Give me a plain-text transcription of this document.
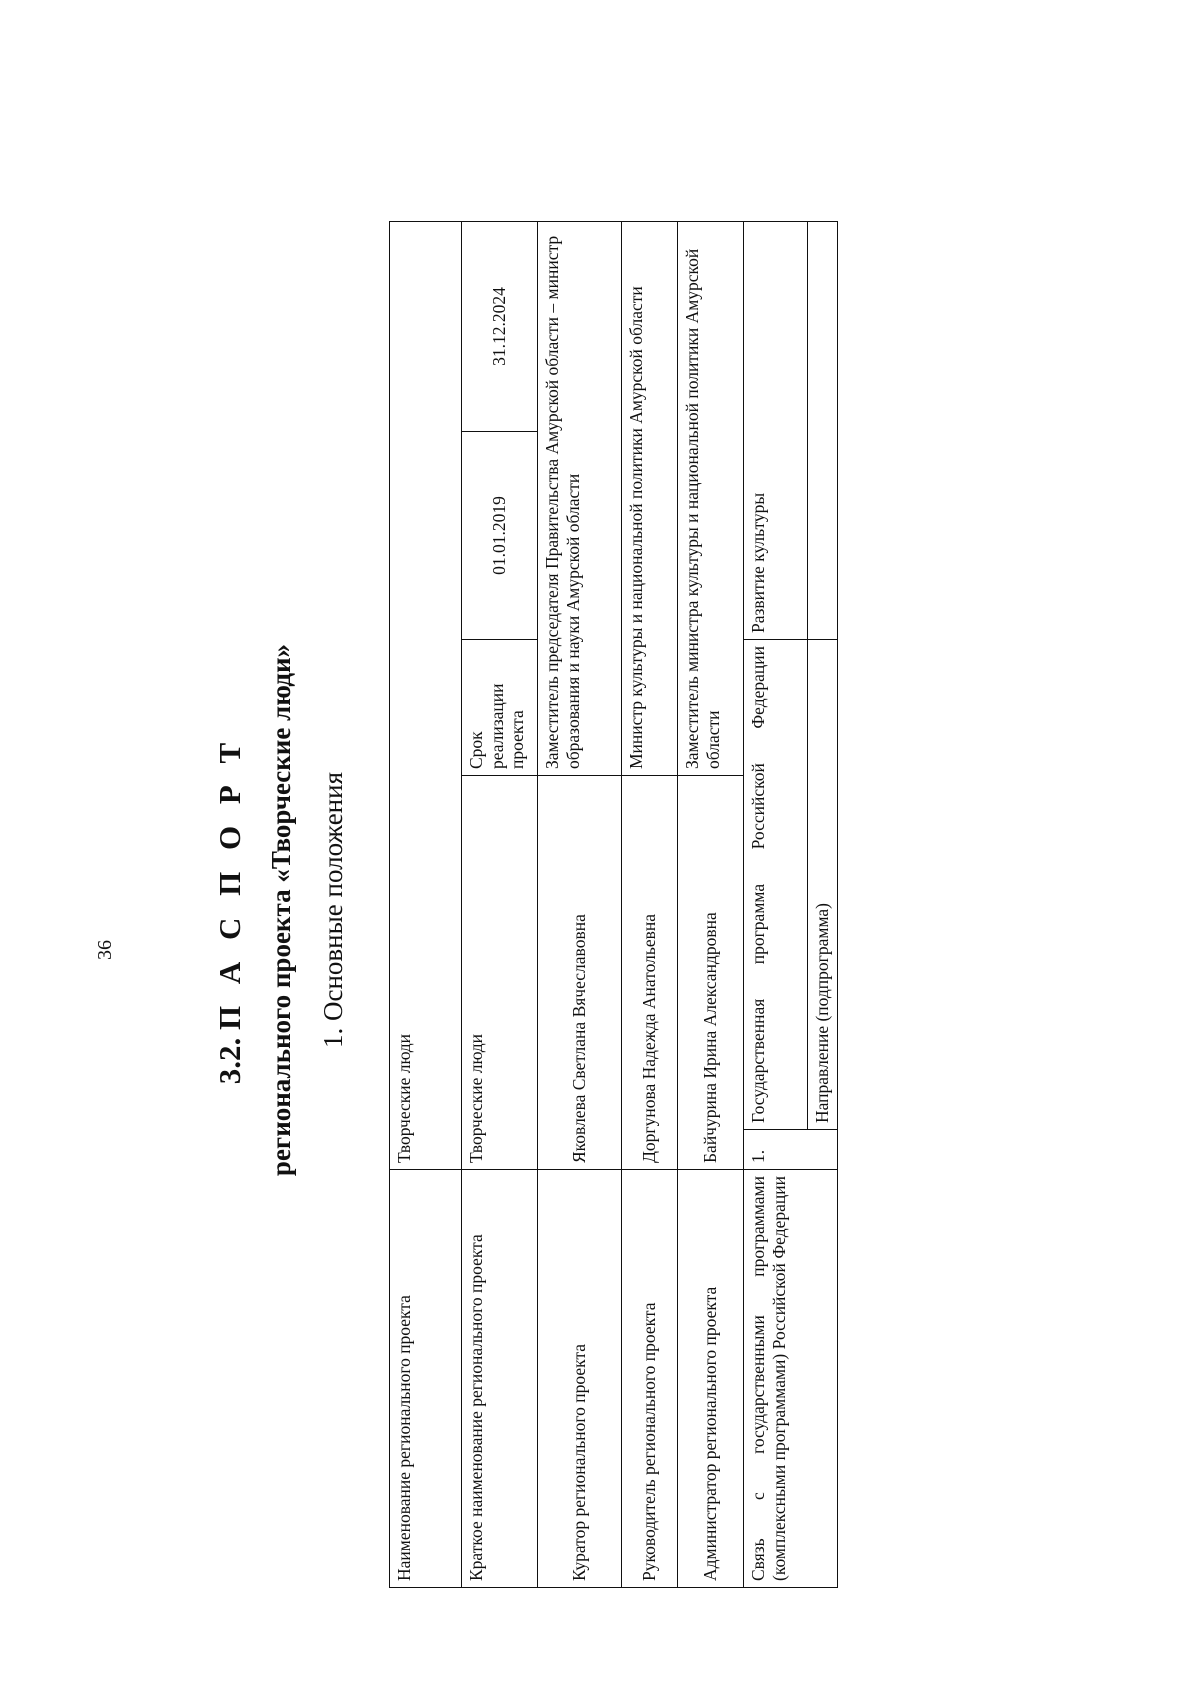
36
3.2. П А С П О Р Т регионального проекта «Творческие люди» 1. Основные положения
Наименование регионального проекта	Творческие люди				
Краткое наименование регионального проекта	Творческие люди		Срок реализации проекта	01.01.2019	31.12.2024
Куратор регионального проекта	Яковлева Светлана Вячеславовна		Заместитель председателя Правительства Амурской области – министр образования и науки Амурской области		
Руководитель регионального проекта	Доргунова Надежда Анатольевна		Министр культуры и национальной политики Амурской области		
Администратор регионального проекта	Байчурина Ирина Александровна		Заместитель министра культуры и национальной политики Амурской области		
Связь с государственными программами (комплексными программами) Российской Федерации	1.	Государственная программа Российской Федерации		Развитие культуры	
		Направление (подпрограмма)			
